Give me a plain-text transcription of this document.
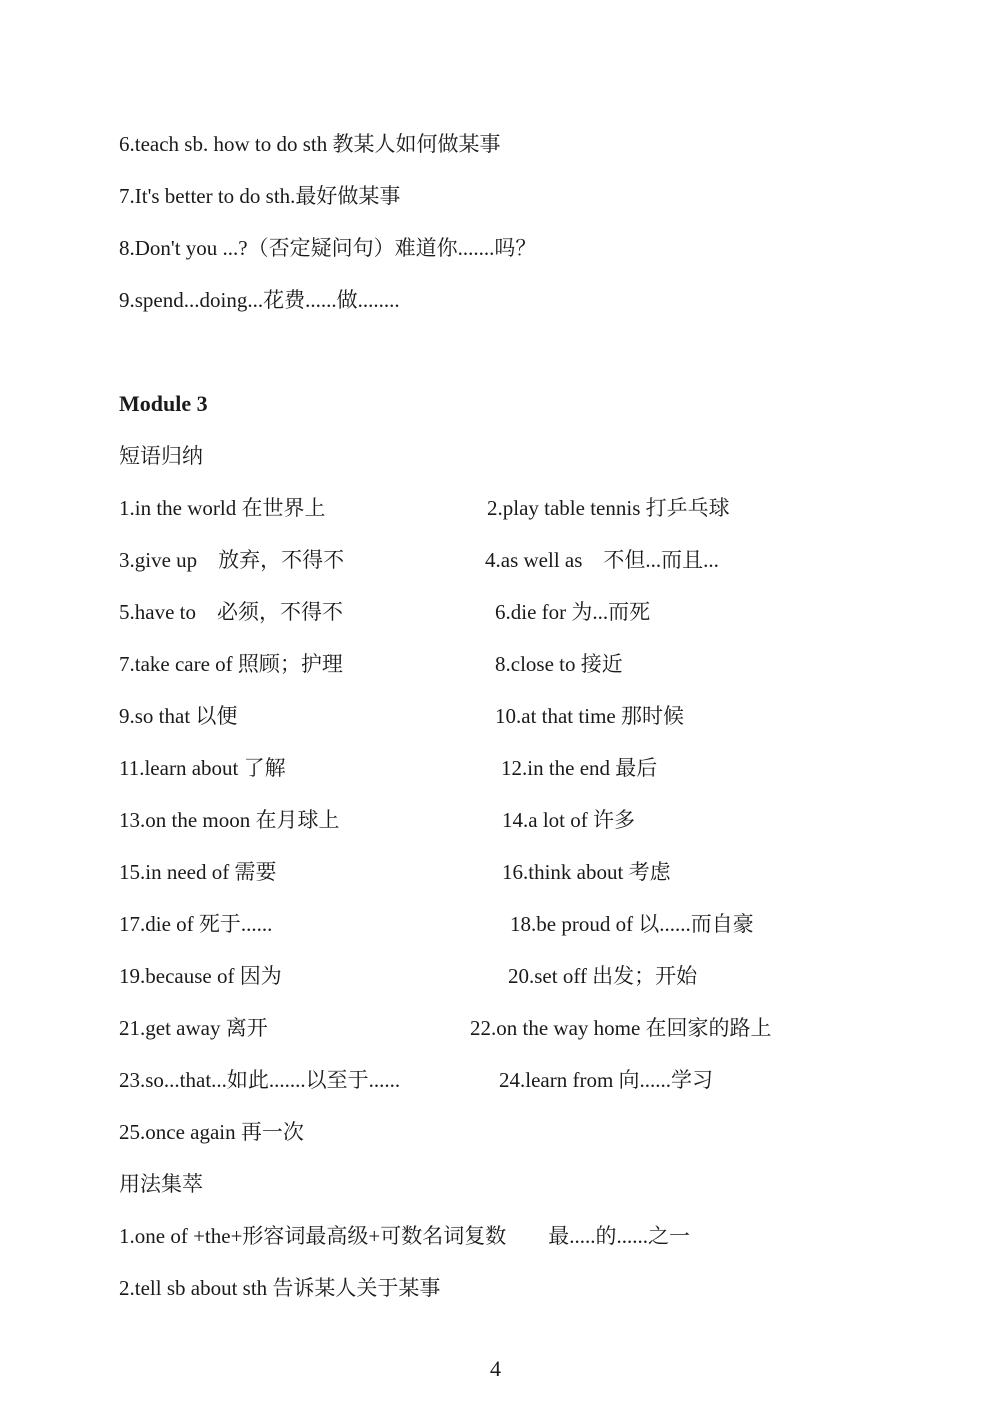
6.teach sb. how to do sth 教某人如何做某事
7.It's better to do sth.最好做某事
8.Don't you ...?（否定疑问句）难道你.......吗？
9.spend...doing...花费......做........
Module 3
短语归纳
1.in the world 在世界上	2.play table tennis 打乒乓球
3.give up　放弃，不得不	4.as well as　不但...而且...
5.have to　必须，不得不	6.die for 为...而死
7.take care of 照顾；护理	8.close to 接近
9.so that 以便	10.at that time 那时候
11.learn about 了解	12.in the end 最后
13.on the moon 在月球上	14.a lot of 许多
15.in need of 需要	16.think about 考虑
17.die of 死于......	18.be proud of 以......而自豪
19.because of 因为	20.set off 出发；开始
21.get away 离开	22.on the way home 在回家的路上
23.so...that...如此.......以至于......	24.learn from 向......学习
25.once again 再一次
用法集萃
1.one of +the+形容词最高级+可数名词复数　　最.....的......之一
2.tell sb about sth 告诉某人关于某事
4
